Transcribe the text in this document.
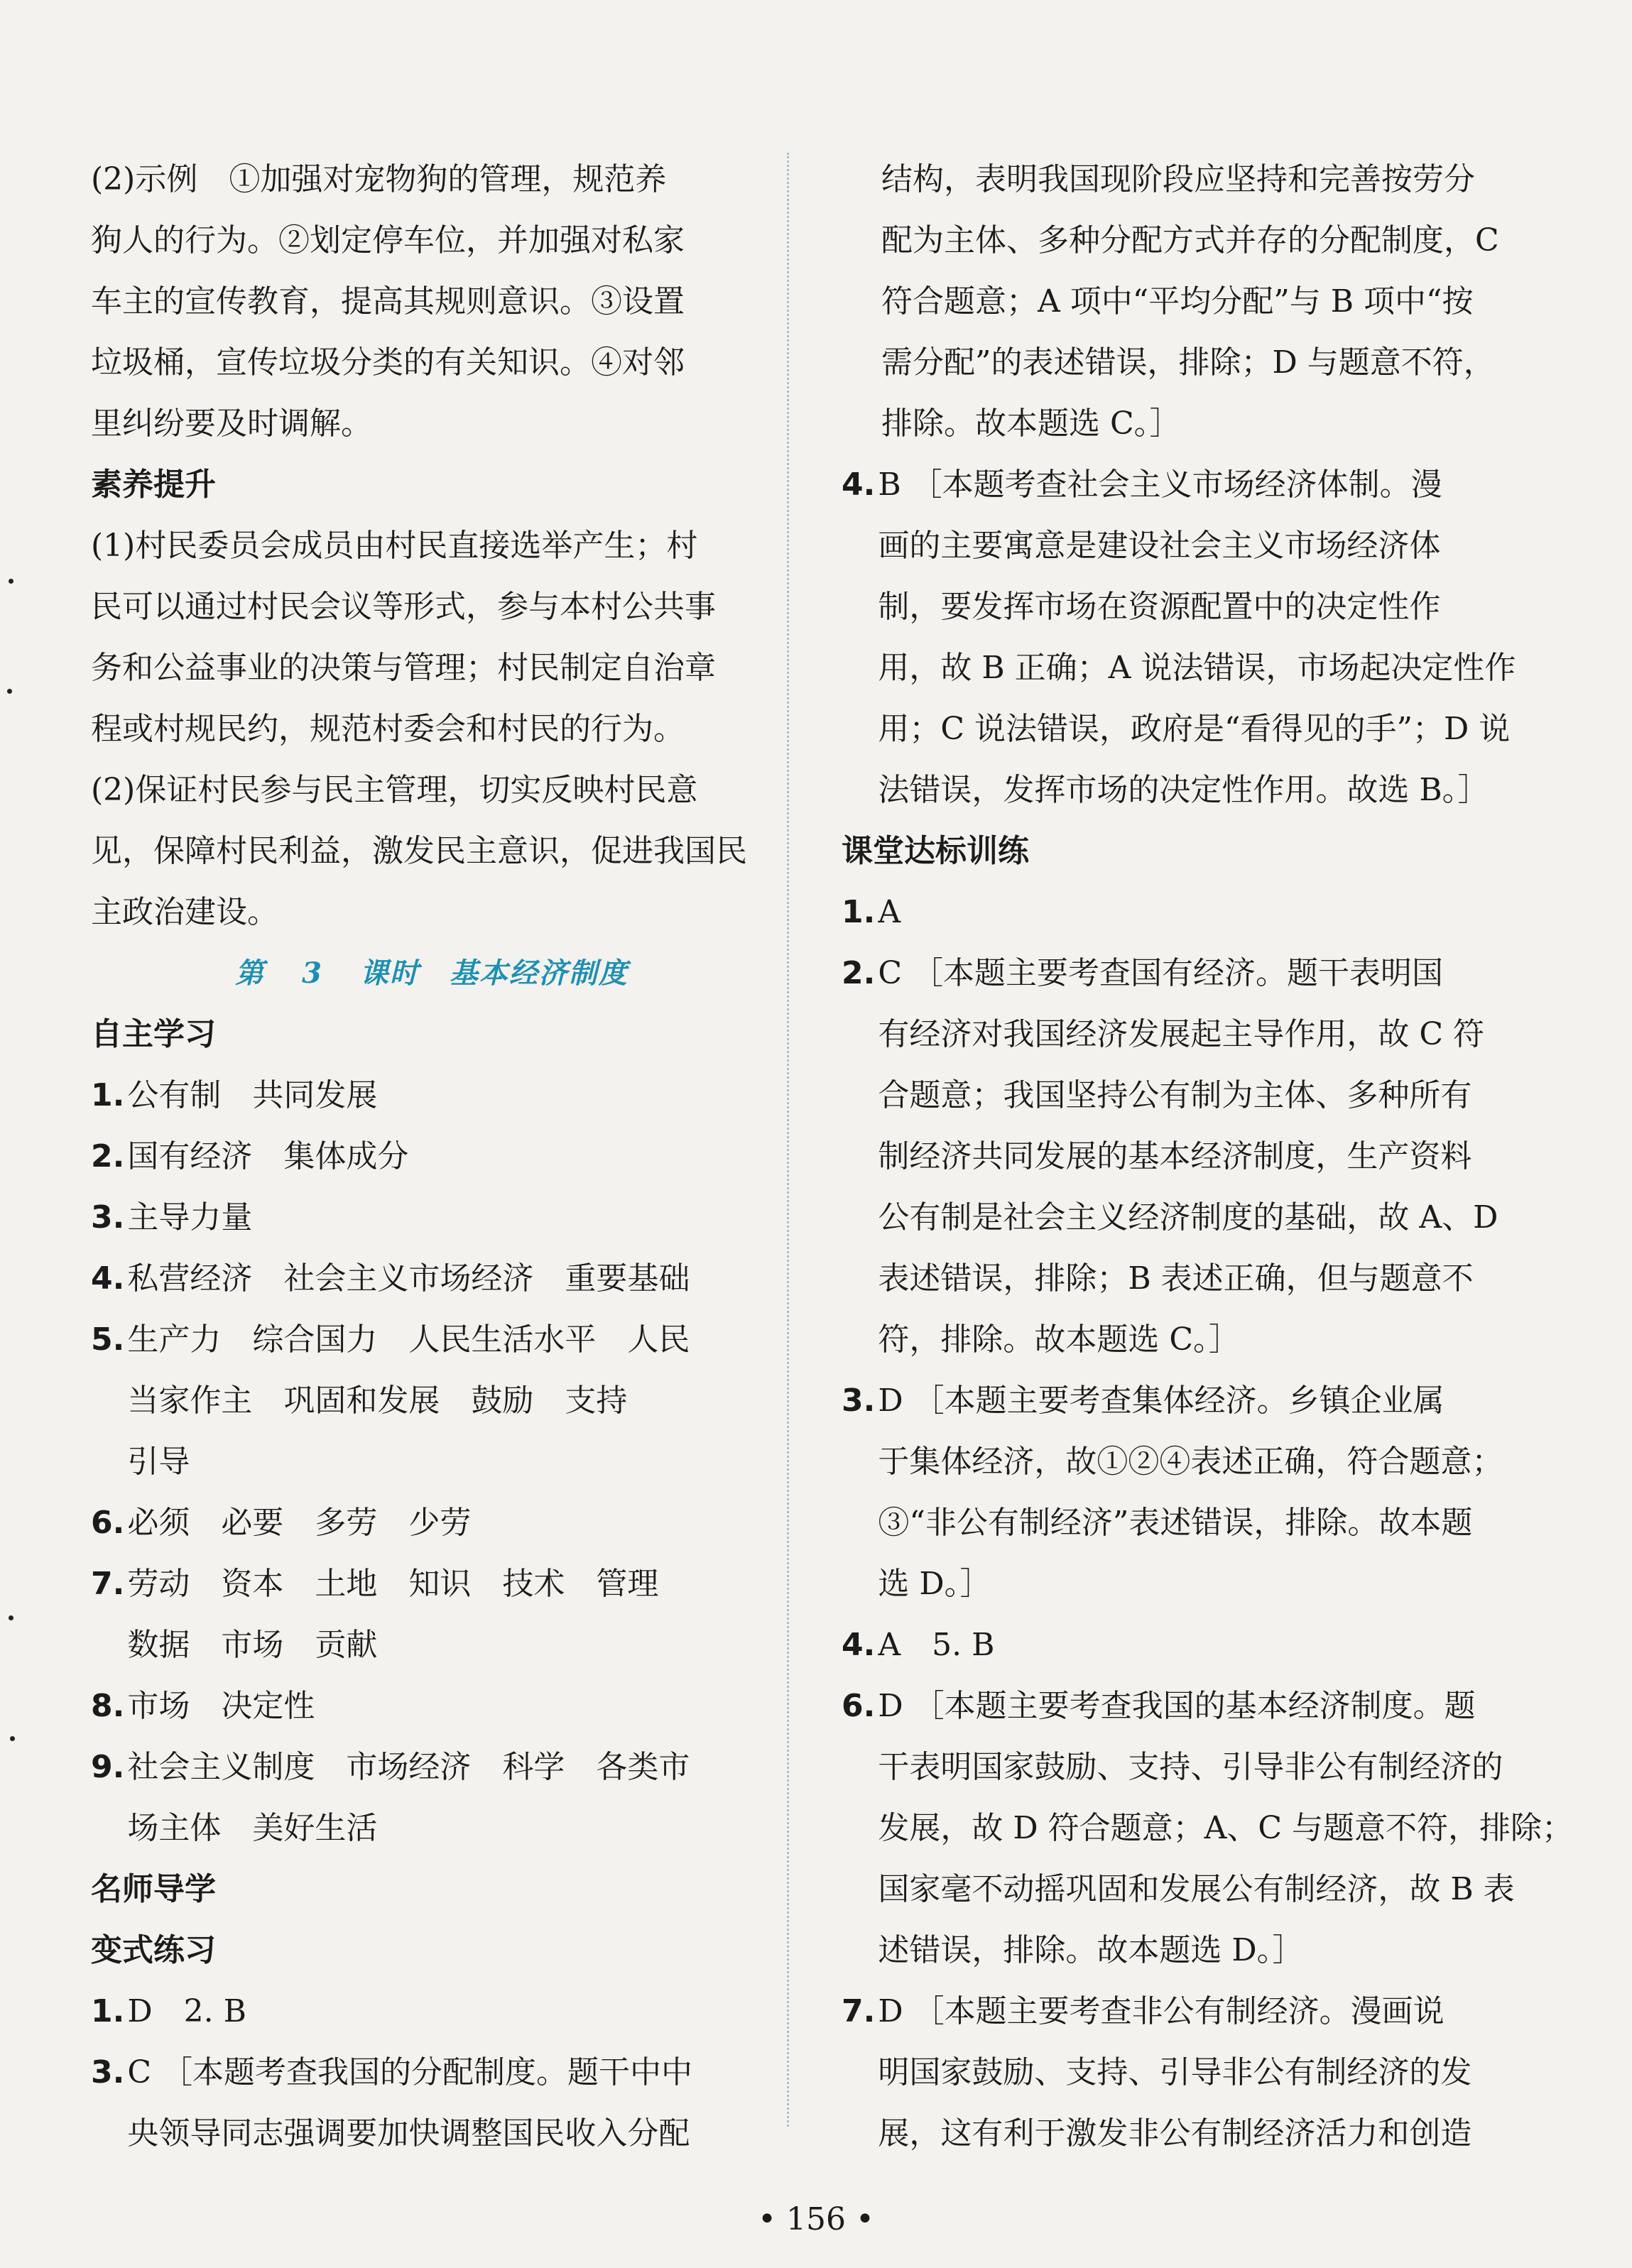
(2)示例　①加强对宠物狗的管理，规范养
狗人的行为。②划定停车位，并加强对私家
车主的宣传教育，提高其规则意识。③设置
垃圾桶，宣传垃圾分类的有关知识。④对邻
里纠纷要及时调解。
素养提升
(1)村民委员会成员由村民直接选举产生；村
民可以通过村民会议等形式，参与本村公共事
务和公益事业的决策与管理；村民制定自治章
程或村规民约，规范村委会和村民的行为。
(2)保证村民参与民主管理，切实反映村民意
见，保障村民利益，激发民主意识，促进我国民
主政治建设。
第 3 课时　基本经济制度
自主学习
1. 公有制　共同发展
2. 国有经济　集体成分
3. 主导力量
4. 私营经济　社会主义市场经济　重要基础
5. 生产力　综合国力　人民生活水平　人民
当家作主　巩固和发展　鼓励　支持
引导
6. 必须　必要　多劳　少劳
7. 劳动　资本　土地　知识　技术　管理
数据　市场　贡献
8. 市场　决定性
9. 社会主义制度　市场经济　科学　各类市
场主体　美好生活
名师导学
变式练习
1. D　2. B
3. C ［本题考查我国的分配制度。题干中中
央领导同志强调要加快调整国民收入分配
结构，表明我国现阶段应坚持和完善按劳分
配为主体、多种分配方式并存的分配制度，C
符合题意；A 项中“平均分配”与 B 项中“按
需分配”的表述错误，排除；D 与题意不符，
排除。故本题选 C。］
4. B ［本题考查社会主义市场经济体制。漫
画的主要寓意是建设社会主义市场经济体
制，要发挥市场在资源配置中的决定性作
用，故 B 正确；A 说法错误，市场起决定性作
用；C 说法错误，政府是“看得见的手”；D 说
法错误，发挥市场的决定性作用。故选 B。］
课堂达标训练
1. A
2. C ［本题主要考查国有经济。题干表明国
有经济对我国经济发展起主导作用，故 C 符
合题意；我国坚持公有制为主体、多种所有
制经济共同发展的基本经济制度，生产资料
公有制是社会主义经济制度的基础，故 A、D
表述错误，排除；B 表述正确，但与题意不
符，排除。故本题选 C。］
3. D ［本题主要考查集体经济。乡镇企业属
于集体经济，故①②④表述正确，符合题意；
③“非公有制经济”表述错误，排除。故本题
选 D。］
4. A　5. B
6. D ［本题主要考查我国的基本经济制度。题
干表明国家鼓励、支持、引导非公有制经济的
发展，故 D 符合题意；A、C 与题意不符，排除；
国家毫不动摇巩固和发展公有制经济，故 B 表
述错误，排除。故本题选 D。］
7. D ［本题主要考查非公有制经济。漫画说
明国家鼓励、支持、引导非公有制经济的发
展，这有利于激发非公有制经济活力和创造
• 156 •
